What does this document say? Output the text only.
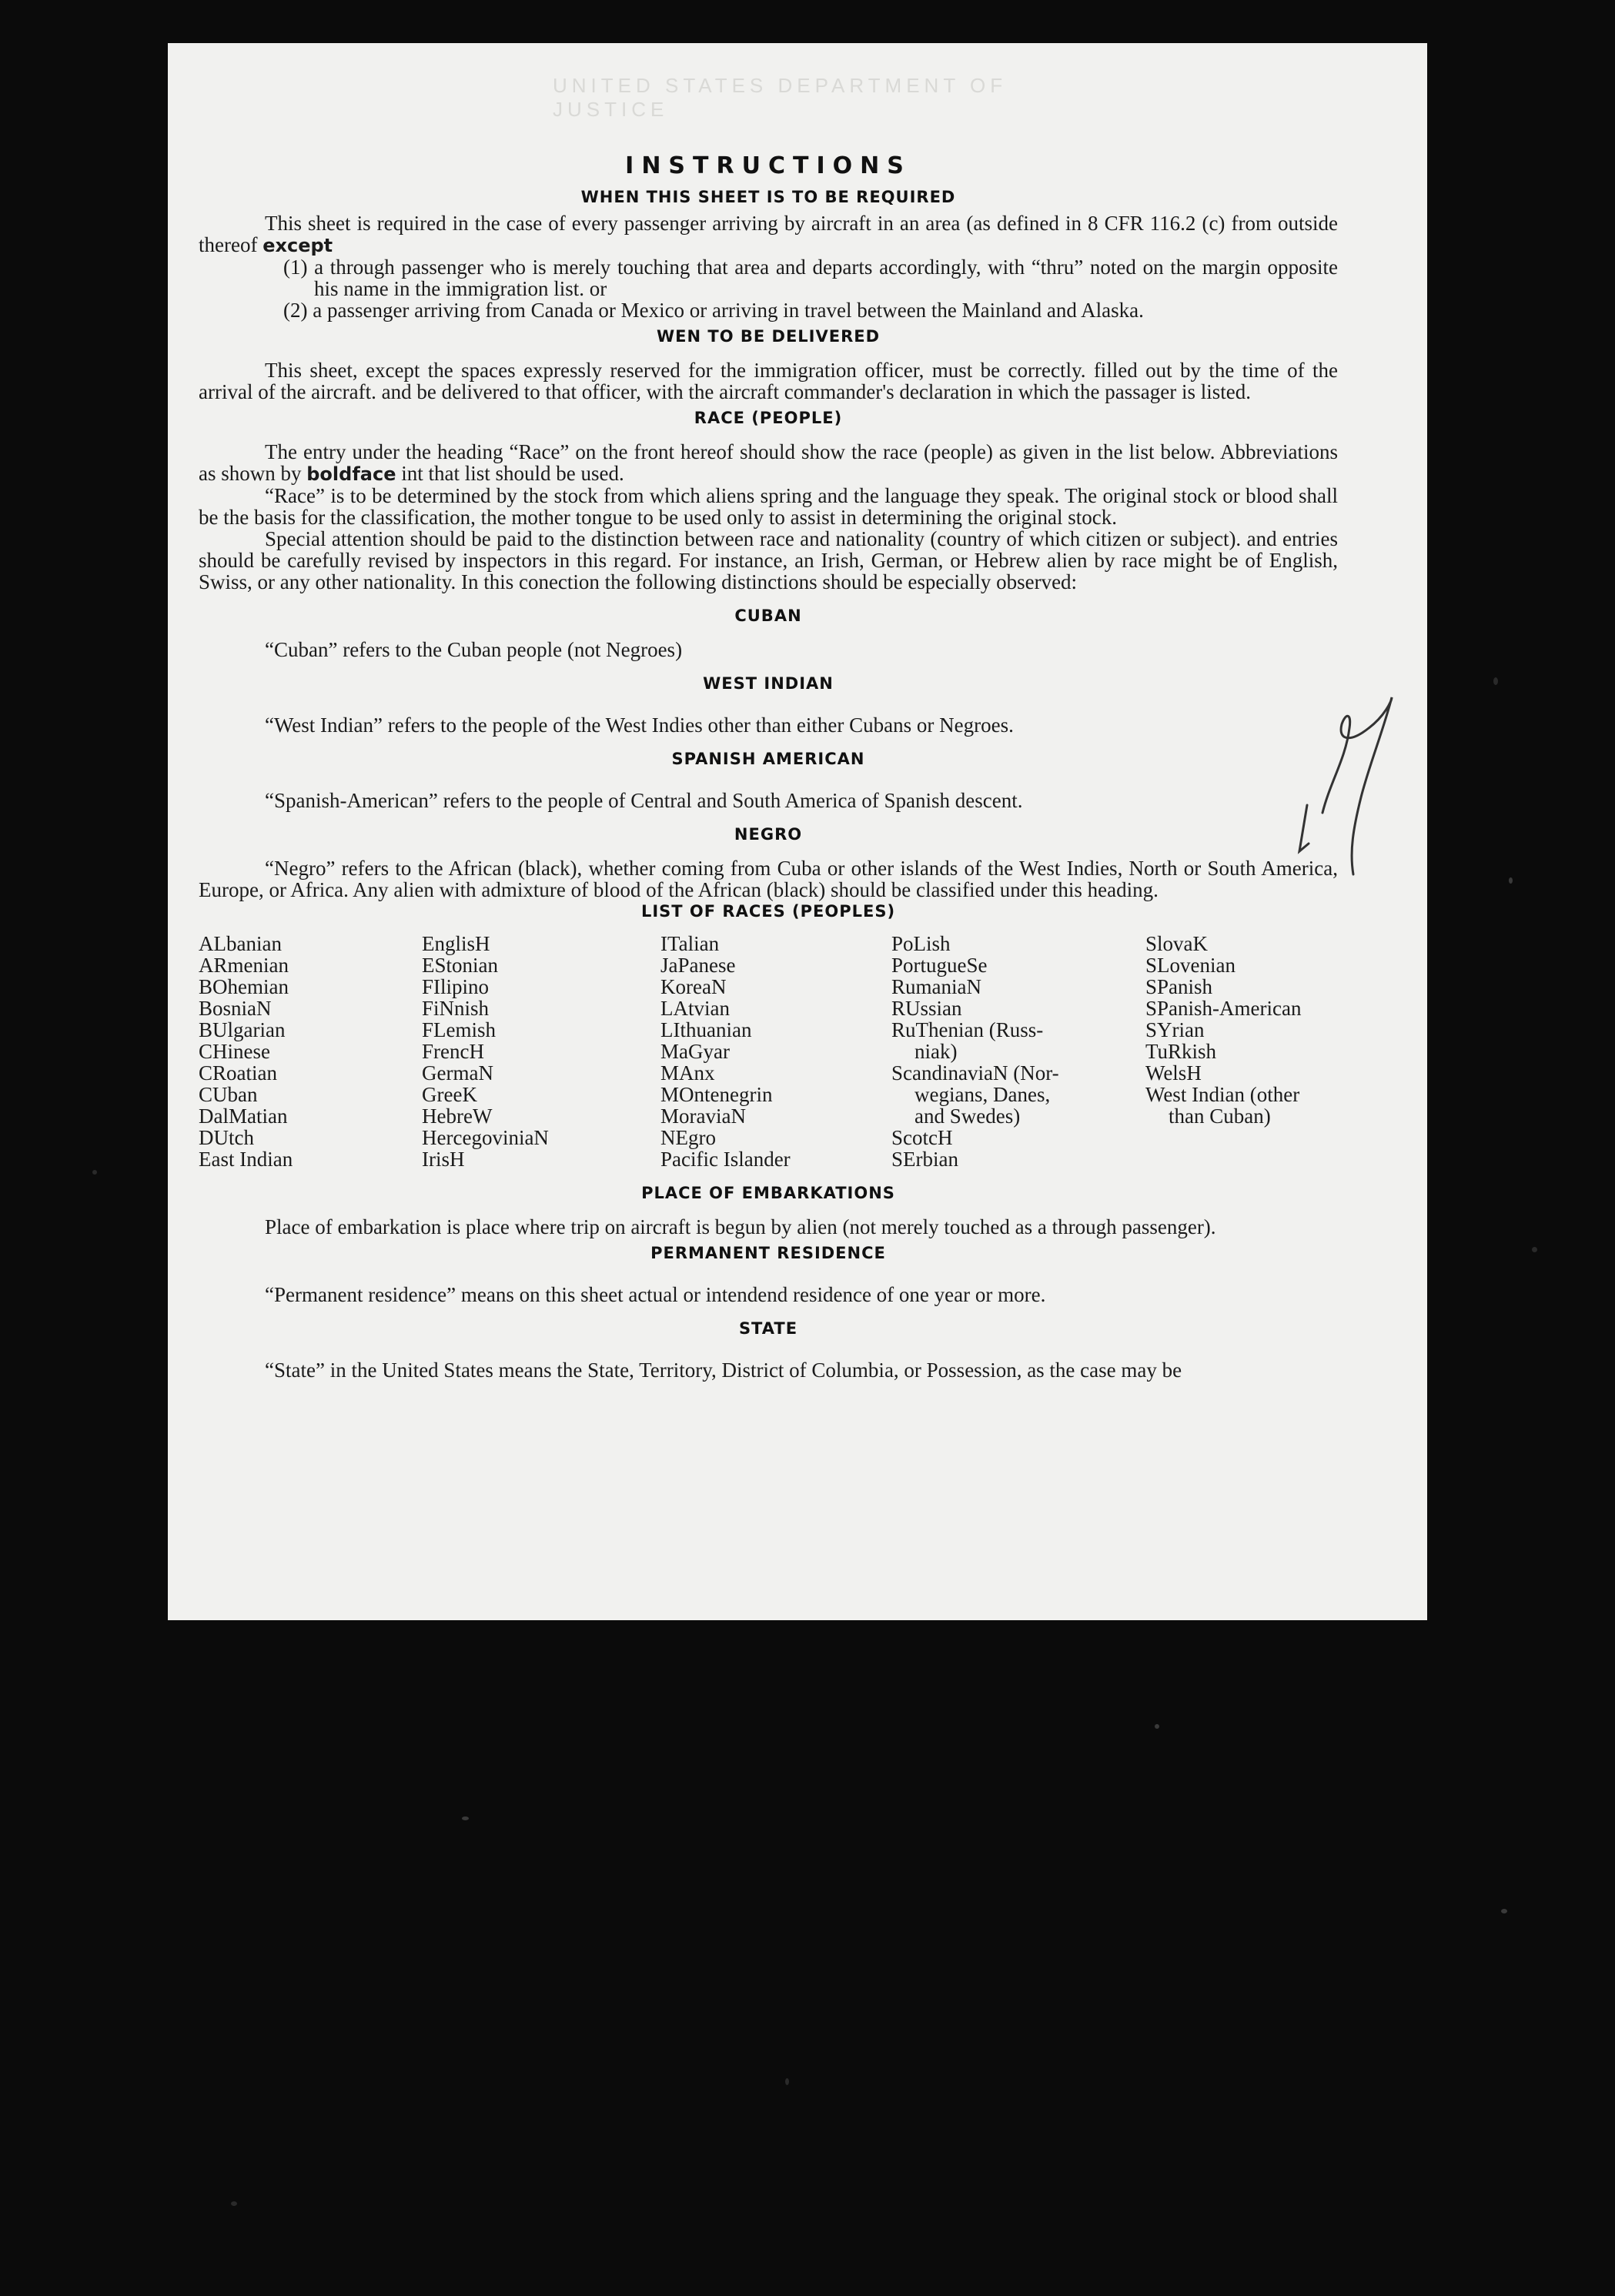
UNITED STATES DEPARTMENT OF JUSTICE
INSTRUCTIONS
WHEN THIS SHEET IS TO BE REQUIRED

This sheet is required in the case of every passenger arriving by aircraft in an area (as defined in 8 CFR 116.2 (c) from outside thereof except

(1) a through passenger who is merely touching that area and departs accordingly, with “thru” noted on the margin opposite his name in the immigration list. or

(2) a passenger arriving from Canada or Mexico or arriving in travel between the Mainland and Alaska.

WEN TO BE DELIVERED

This sheet, except the spaces expressly reserved for the immigration officer, must be correctly. filled out by the time of the arrival of the aircraft. and be delivered to that officer, with the aircraft commander's declaration in which the passager is listed.

RACE (PEOPLE)

The entry under the heading “Race” on the front hereof should show the race (people) as given in the list below. Abbreviations as shown by boldface int that list should be used.

“Race” is to be determined by the stock from which aliens spring and the language they speak. The original stock or blood shall be the basis for the classification, the mother tongue to be used only to assist in determining the original stock.

Special attention should be paid to the distinction between race and nationality (country of which citizen or subject). and entries should be carefully revised by inspectors in this regard. For instance, an Irish, German, or Hebrew alien by race might be of English, Swiss, or any other nationality. In this conection the following distinctions should be especially observed:

CUBAN

“Cuban” refers to the Cuban people (not Negroes)

WEST INDIAN

“West Indian” refers to the people of the West Indies other than either Cubans or Negroes.

SPANISH AMERICAN

“Spanish-American” refers to the people of Central and South America of Spanish descent.

NEGRO

“Negro” refers to the African (black), whether coming from Cuba or other islands of the West Indies, North or South America, Europe, or Africa. Any alien with admixture of blood of the African (black) should be classified under this heading.

LIST OF RACES (PEOPLES)
ALbanian
ARmenian
BOhemian
BosniaN
BUlgarian
CHinese
CRoatian
CUban
DalMatian
DUtch
East Indian
EnglisH
EStonian
FIlipino
FiNnish
FLemish
FrencH
GermaN
GreeK
HebreW
HercegoviniaN
IrisH
ITalian
JaPanese
KoreaN
LAtvian
LIthuanian
MaGyar
MAnx
MOntenegrin
MoraviaN
NEgro
Pacific Islander
PoLish
PortugueSe
RumaniaN
RUssian
RuThenian (Russ-
niak)
ScandinaviaN (Nor-
wegians, Danes,
and Swedes)
ScotcH
SErbian
SlovaK
SLovenian
SPanish
SPanish-American
SYrian
TuRkish
WelsH
West Indian (other
than Cuban)
PLACE OF EMBARKATIONS

Place of embarkation is place where trip on aircraft is begun by alien (not merely touched as a through passenger).

PERMANENT RESIDENCE

“Permanent residence” means on this sheet actual or intendend residence of one year or more.

STATE

“State” in the United States means the State, Territory, District of Columbia, or Possession, as the case may be
